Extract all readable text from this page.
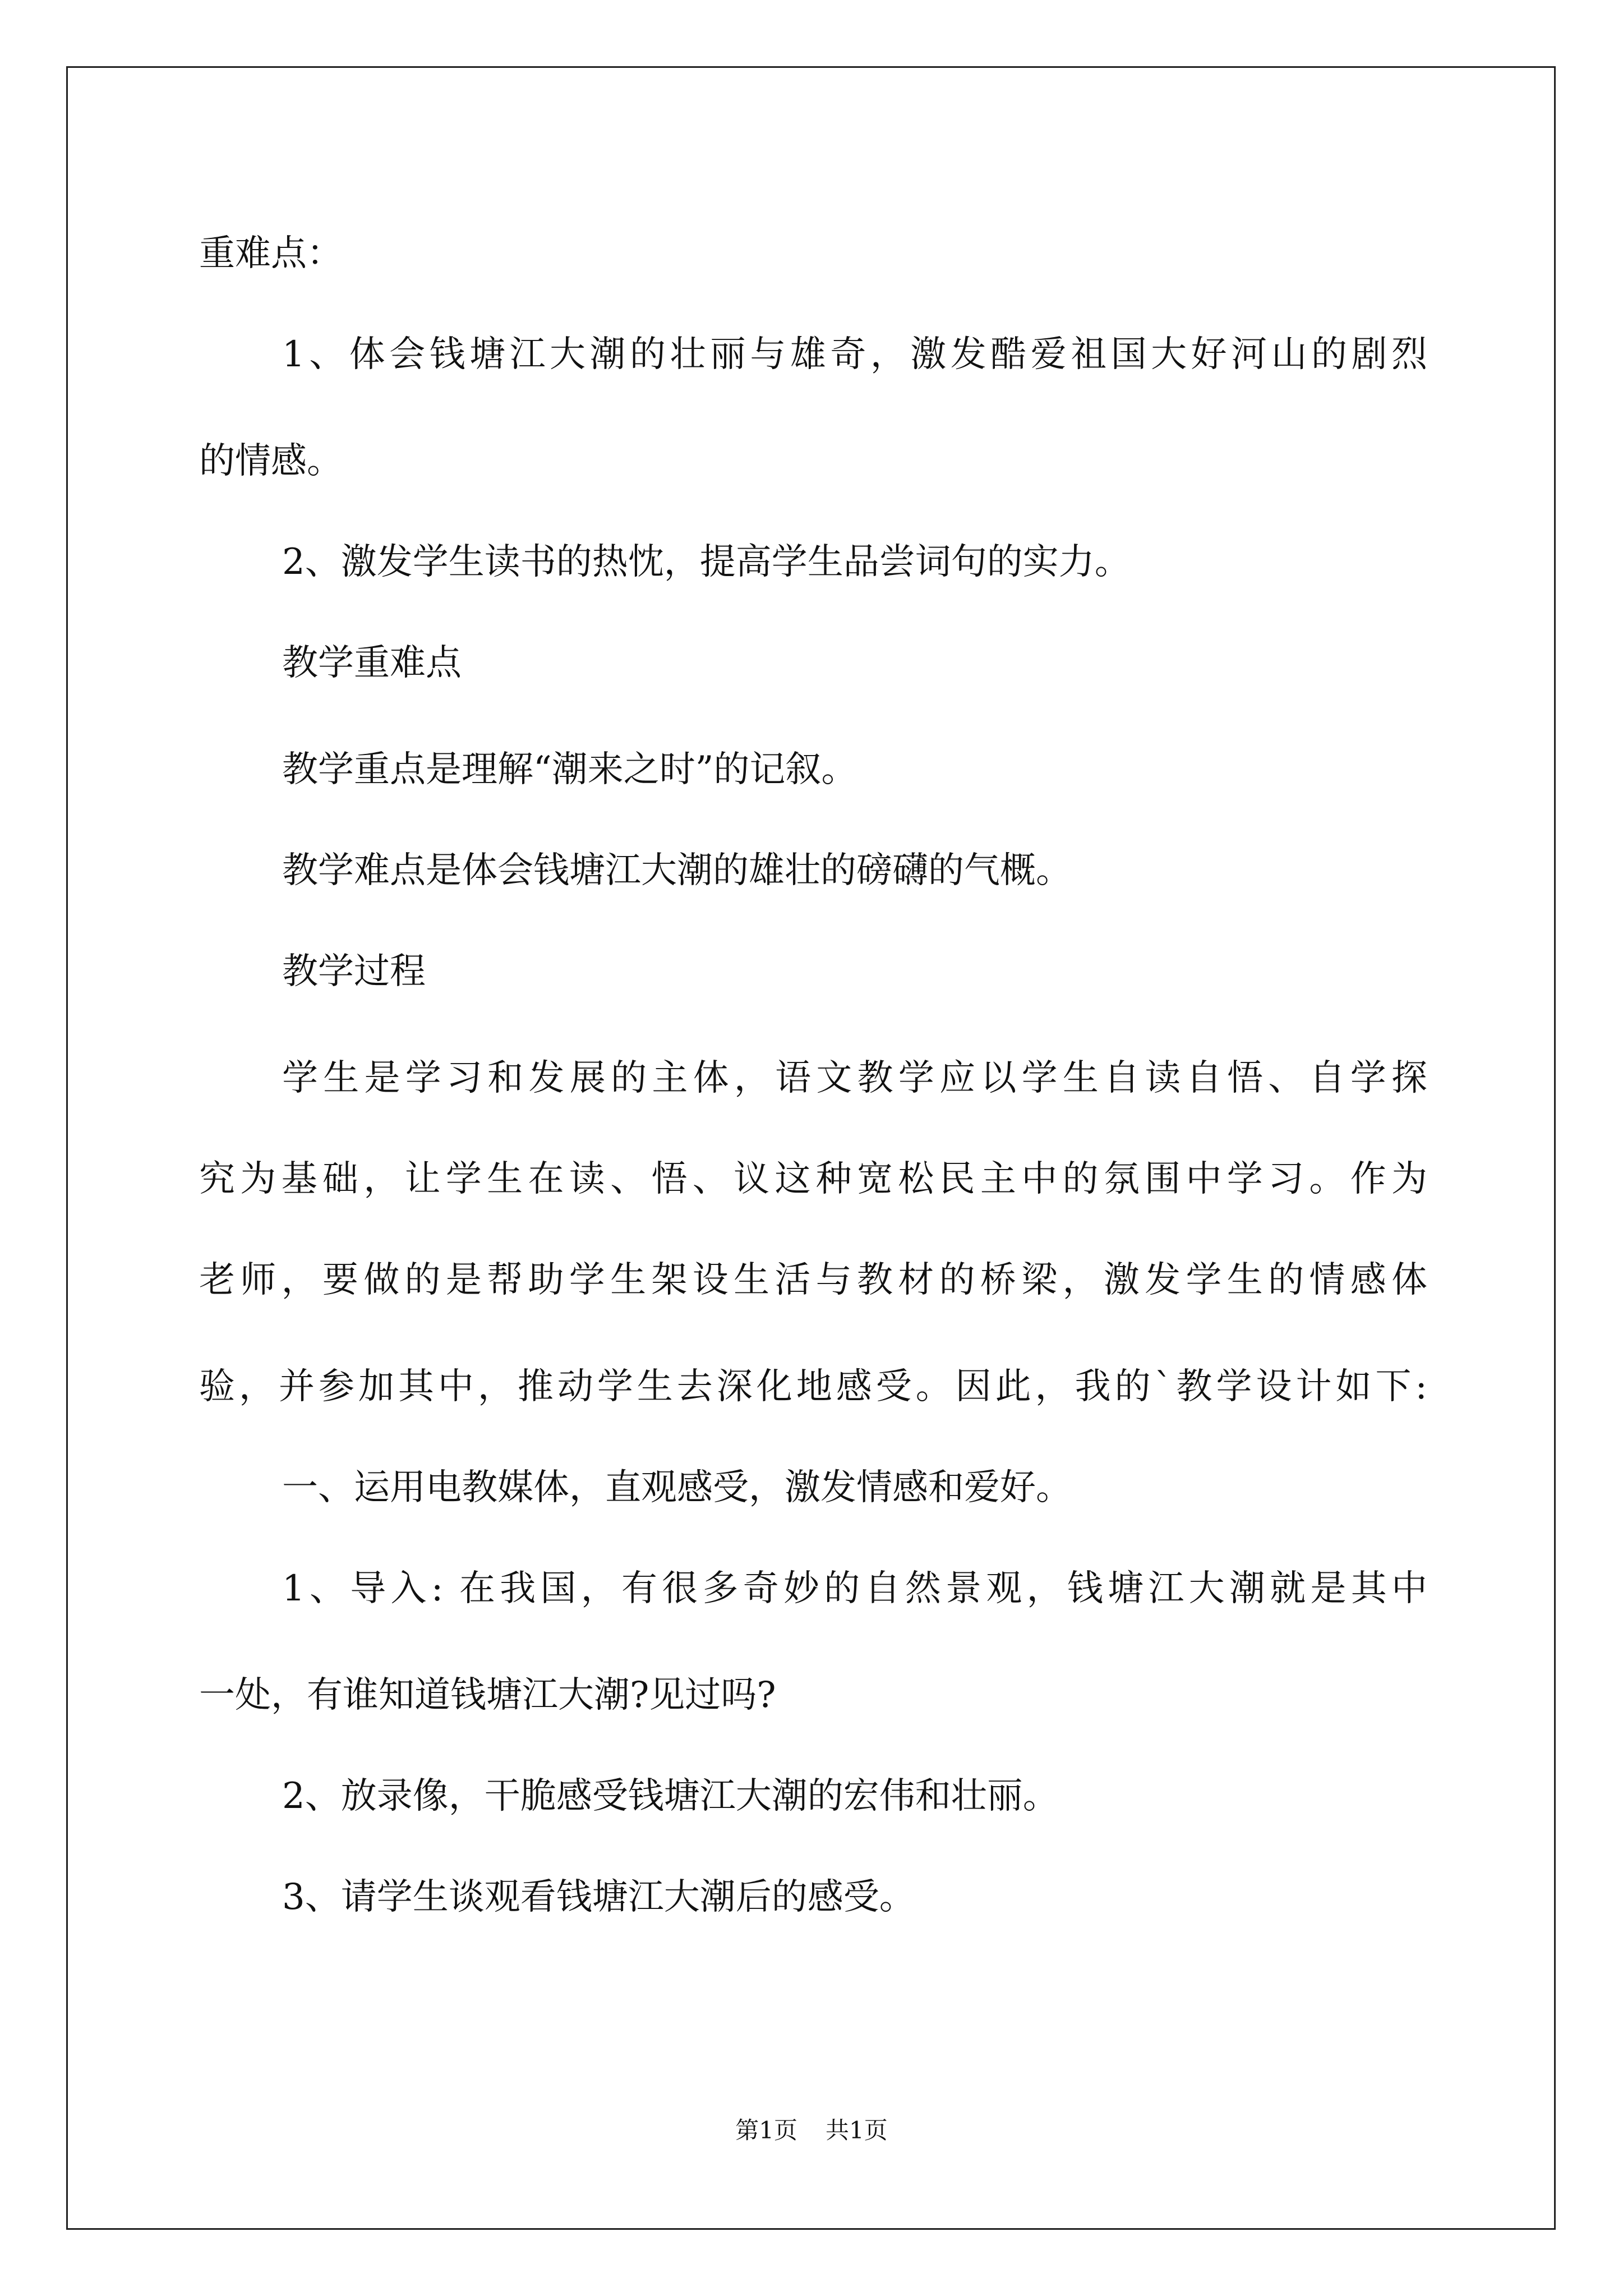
重难点：
1、体会钱塘江大潮的壮丽与雄奇，激发酷爱祖国大好河山的剧烈
的情感。
2、激发学生读书的热忱，提高学生品尝词句的实力。
教学重难点
教学重点是理解“潮来之时”的记叙。
教学难点是体会钱塘江大潮的雄壮的磅礴的气概。
教学过程
学生是学习和发展的主体，语文教学应以学生自读自悟、自学探
究为基础，让学生在读、悟、议这种宽松民主中的氛围中学习。作为
老师，要做的是帮助学生架设生活与教材的桥梁，激发学生的情感体
验，并参加其中，推动学生去深化地感受。因此，我的`教学设计如下:
一、运用电教媒体，直观感受，激发情感和爱好。
1、导入: 在我国，有很多奇妙的自然景观，钱塘江大潮就是其中
一处，有谁知道钱塘江大潮?见过吗?
2、放录像，干脆感受钱塘江大潮的宏伟和壮丽。
3、请学生谈观看钱塘江大潮后的感受。
第1页 共1页
